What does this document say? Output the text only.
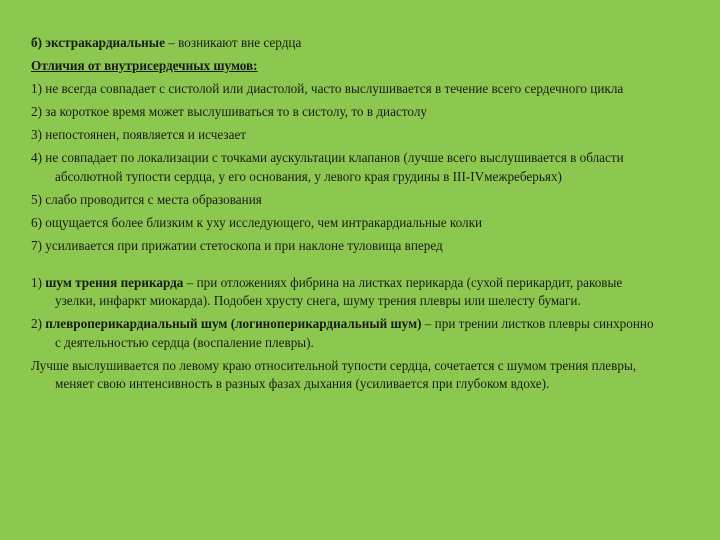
б) экстракардиальные – возникают вне сердца

Отличия от внутрисердечных шумов:

1) не всегда совпадает с систолой или диастолой, часто выслушивается в течение всего сердечного цикла

2) за короткое время может выслушиваться то в систолу, то в диастолу

3) непостоянен, появляется и исчезает

4) не совпадает по локализации с точками аускультации клапанов (лучше всего выслушивается в области абсолютной тупости сердца, у его основания, у левого края грудины в III-IVмежреберьях)

5) слабо проводится с места образования

6) ощущается более близким к уху исследующего, чем интракардиальные колки

7) усиливается при прижатии стетоскопа и при наклоне туловища вперед

1) шум трения перикарда – при отложениях фибрина на листках перикарда (сухой перикардит, раковые узелки, инфаркт миокарда). Подобен хрусту снега, шуму трения плевры или шелесту бумаги.

2) плевроперикардиальный шум (логиноперикардиальный шум) – при трении листков плевры синхронно с деятельностью сердца (воспаление плевры).

Лучше выслушивается по левому краю относительной тупости сердца, сочетается с шумом трения плевры, меняет свою интенсивность в разных фазах дыхания (усиливается при глубоком вдохе).
